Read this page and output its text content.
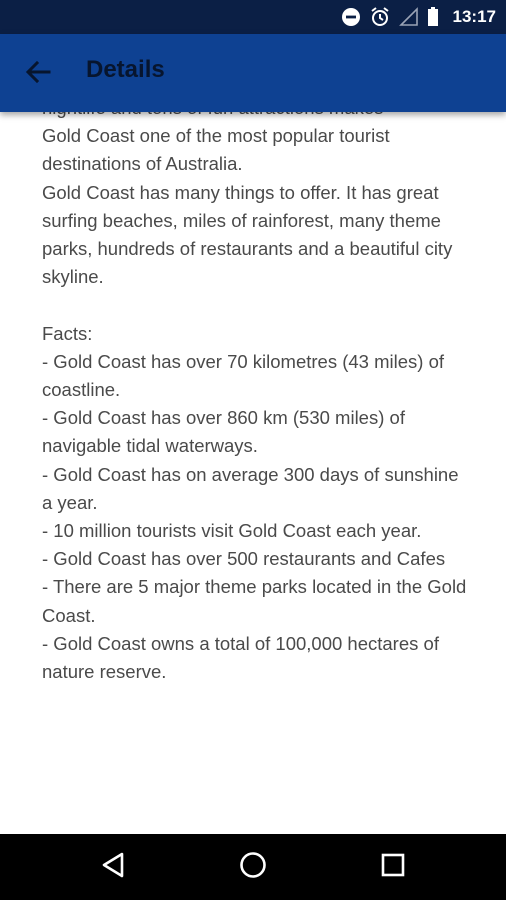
13:17
Details

Gold Coast one of the most popular tourist

destinations of Australia.

Gold Coast has many things to offer. It has great surfing beaches, miles of rainforest, many theme parks, hundreds of restaurants and a beautiful city skyline.

Facts:

- Gold Coast has over 70 kilometres (43 miles) of coastline.

- Gold Coast has over 860 km (530 miles) of navigable tidal waterways.

- Gold Coast has on average 300 days of sunshine a year.

- 10 million tourists visit Gold Coast each year.

- Gold Coast has over 500 restaurants and Cafes

- There are 5 major theme parks located in the Gold Coast.

- Gold Coast owns a total of 100,000 hectares of nature reserve.
